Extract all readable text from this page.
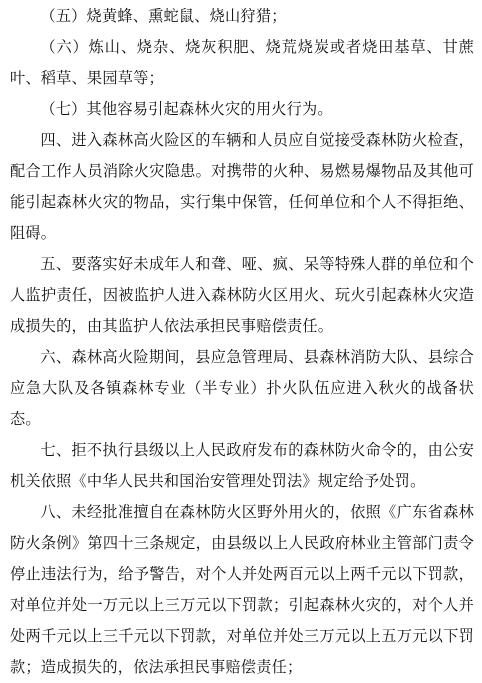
（五）烧黄蜂、熏蛇鼠、烧山狩猎；

（六）炼山、烧杂、烧灰积肥、烧荒烧炭或者烧田基草、甘蔗叶、稻草、果园草等；

（七）其他容易引起森林火灾的用火行为。

四、进入森林高火险区的车辆和人员应自觉接受森林防火检查，配合工作人员消除火灾隐患。对携带的火种、易燃易爆物品及其他可能引起森林火灾的物品，实行集中保管，任何单位和个人不得拒绝、阻碍。

五、要落实好未成年人和聋、哑、疯、呆等特殊人群的单位和个人监护责任，因被监护人进入森林防火区用火、玩火引起森林火灾造成损失的，由其监护人依法承担民事赔偿责任。

六、森林高火险期间，县应急管理局、县森林消防大队、县综合应急大队及各镇森林专业（半专业）扑火队伍应进入秋火的战备状态。

七、拒不执行县级以上人民政府发布的森林防火命令的，由公安机关依照《中华人民共和国治安管理处罚法》规定给予处罚。

八、未经批准擅自在森林防火区野外用火的，依照《广东省森林防火条例》第四十三条规定，由县级以上人民政府林业主管部门责令停止违法行为，给予警告，对个人并处两百元以上两千元以下罚款，对单位并处一万元以上三万元以下罚款；引起森林火灾的，对个人并处两千元以上三千元以下罚款，对单位并处三万元以上五万元以下罚款；造成损失的，依法承担民事赔偿责任；
